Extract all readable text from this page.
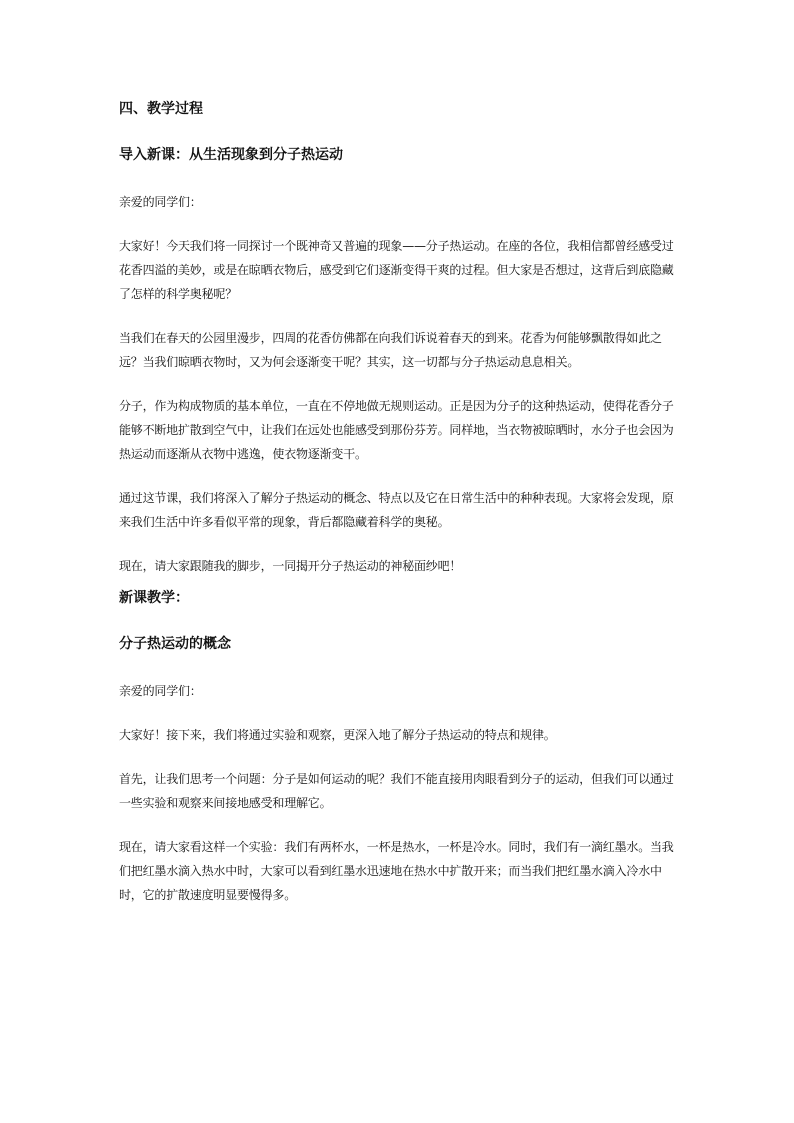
四、教学过程

导入新课：从生活现象到分子热运动

亲爱的同学们：

大家好！今天我们将一同探讨一个既神奇又普遍的现象——分子热运动。在座的各位，我相信都曾经感受过花香四溢的美妙，或是在晾晒衣物后，感受到它们逐渐变得干爽的过程。但大家是否想过，这背后到底隐藏了怎样的科学奥秘呢？

当我们在春天的公园里漫步，四周的花香仿佛都在向我们诉说着春天的到来。花香为何能够飘散得如此之远？当我们晾晒衣物时，又为何会逐渐变干呢？其实，这一切都与分子热运动息息相关。

分子，作为构成物质的基本单位，一直在不停地做无规则运动。正是因为分子的这种热运动，使得花香分子能够不断地扩散到空气中，让我们在远处也能感受到那份芬芳。同样地，当衣物被晾晒时，水分子也会因为热运动而逐渐从衣物中逃逸，使衣物逐渐变干。

通过这节课，我们将深入了解分子热运动的概念、特点以及它在日常生活中的种种表现。大家将会发现，原来我们生活中许多看似平常的现象，背后都隐藏着科学的奥秘。

现在，请大家跟随我的脚步，一同揭开分子热运动的神秘面纱吧！

新课教学：

分子热运动的概念

亲爱的同学们：

大家好！接下来，我们将通过实验和观察，更深入地了解分子热运动的特点和规律。

首先，让我们思考一个问题：分子是如何运动的呢？我们不能直接用肉眼看到分子的运动，但我们可以通过一些实验和观察来间接地感受和理解它。

现在，请大家看这样一个实验：我们有两杯水，一杯是热水，一杯是冷水。同时，我们有一滴红墨水。当我们把红墨水滴入热水中时，大家可以看到红墨水迅速地在热水中扩散开来；而当我们把红墨水滴入冷水中时，它的扩散速度明显要慢得多。
